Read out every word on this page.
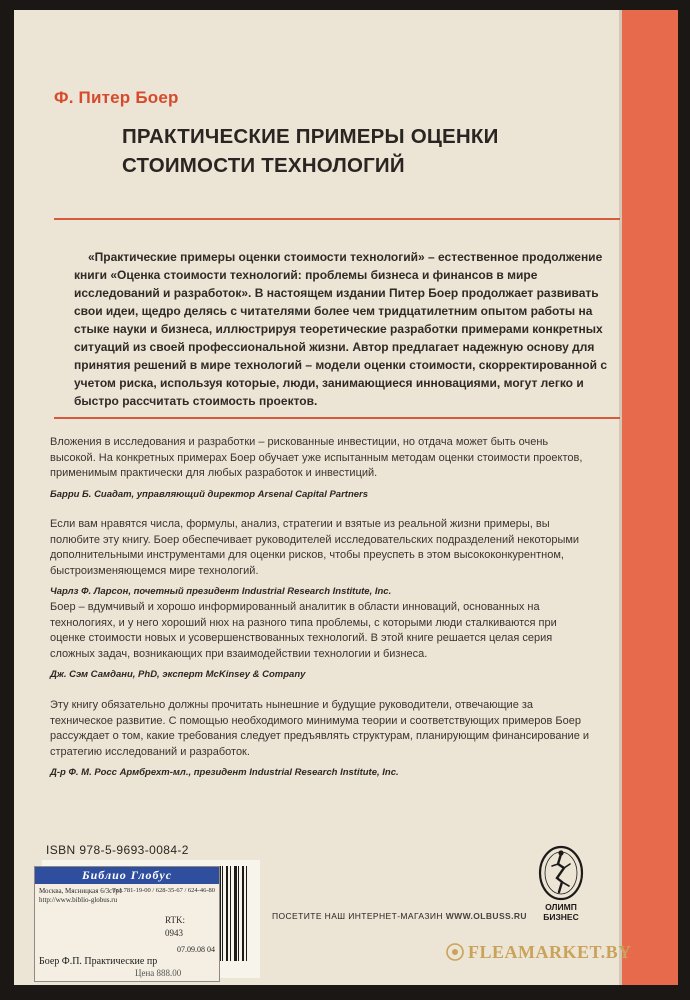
Ф. Питер Боер
ПРАКТИЧЕСКИЕ ПРИМЕРЫ ОЦЕНКИ
СТОИМОСТИ ТЕХНОЛОГИЙ

«Практические примеры оценки стоимости технологий» – естественное продолжение книги «Оценка стоимости технологий: проблемы бизнеса и финансов в мире исследований и разработок». В настоящем издании Питер Боер продолжает развивать свои идеи, щедро делясь с читателями более чем тридцатилетним опытом работы на стыке науки и бизнеса, иллюстрируя теоретические разработки примерами конкретных ситуаций из своей профессиональной жизни. Автор предлагает надежную основу для принятия решений в мире технологий – модели оценки стоимости, скорректированной с учетом риска, используя которые, люди, занимающиеся инновациями, могут легко и быстро рассчитать стоимость проектов.

Вложения в исследования и разработки – рискованные инвестиции, но отдача может быть очень высокой. На конкретных примерах Боер обучает уже испытанным методам оценки стоимости проектов, применимым практически для любых разработок и инвестиций.

Барри Б. Сиадат, управляющий директор Arsenal Capital Partners

Если вам нравятся числа, формулы, анализ, стратегии и взятые из реальной жизни примеры, вы полюбите эту книгу. Боер обеспечивает руководителей исследовательских подразделений некоторыми дополнительными инструментами для оценки рисков, чтобы преуспеть в этом высококонкурентном, быстроизменяющемся мире технологий.

Чарлз Ф. Ларсон, почетный президент Industrial Research Institute, Inc.

Боер – вдумчивый и хорошо информированный аналитик в области инноваций, основанных на технологиях, и у него хороший нюх на разного типа проблемы, с которыми люди сталкиваются при оценке стоимости новых и усовершенствованных технологий. В этой книге решается целая серия сложных задач, возникающих при взаимодействии технологии и бизнеса.

Дж. Сэм Самдани, PhD, эксперт McKinsey & Company

Эту книгу обязательно должны прочитать нынешние и будущие руководители, отвечающие за техническое развитие. С помощью необходимого минимума теории и соответствующих примеров Боер рассуждает о том, какие требования следует предъявлять структурам, планирующим финансирование и стратегию исследований и разработок.

Д-р Ф. М. Росс Армбрехт-мл., президент Industrial Research Institute, Inc.
ISBN 978-5-9693-0084-2
Библио Глобус
Москва, Мясницкая 6/3стр1 http://www.biblio-globus.ru
Тел.781-19-00 / 628-35-67 / 624-46-80
RTK:
0943
07.09.08 04
Боер Ф.П. Практические пр
Цена 888.00
ПОСЕТИТЕ НАШ ИНТЕРНЕТ-МАГАЗИН WWW.OLBUSS.RU
ОЛИМП
БИЗНЕС
FLEAMARKET.BY
